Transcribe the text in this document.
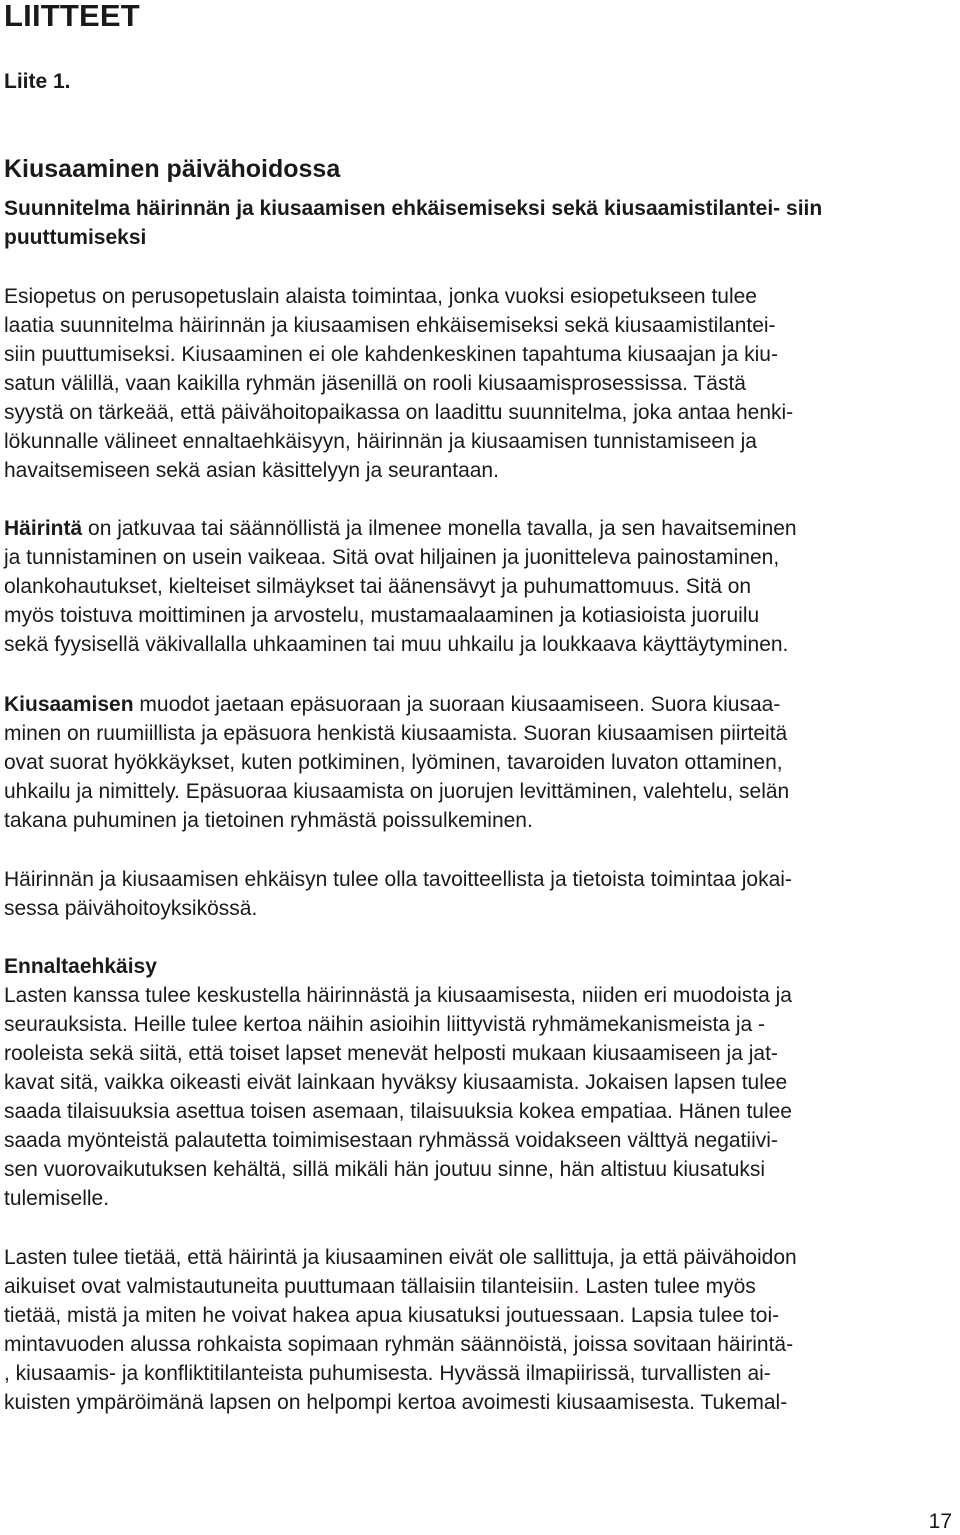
LIITTEET
Liite 1.
Kiusaaminen päivähoidossa
Suunnitelma häirinnän ja kiusaamisen ehkäisemiseksi sekä kiusaamistilantei- siin puuttumiseksi
Esiopetus on perusopetuslain alaista toimintaa, jonka vuoksi esiopetukseen tulee
laatia suunnitelma häirinnän ja kiusaamisen ehkäisemiseksi sekä kiusaamistilantei-
siin puuttumiseksi. Kiusaaminen ei ole kahdenkeskinen tapahtuma kiusaajan ja kiu-
satun välillä, vaan kaikilla ryhmän jäsenillä on rooli kiusaamisprosessissa. Tästä
syystä on tärkeää, että päivähoitopaikassa on laadittu suunnitelma, joka antaa henki-
lökunnalle välineet ennaltaehkäisyyn, häirinnän ja kiusaamisen tunnistamiseen ja
havaitsemiseen sekä asian käsittelyyn ja seurantaan.
Häirintä on jatkuvaa tai säännöllistä ja ilmenee monella tavalla, ja sen havaitseminen
ja tunnistaminen on usein vaikeaa. Sitä ovat hiljainen ja juonitteleva painostaminen,
olankohautukset, kielteiset silmäykset tai äänensävyt ja puhumattomuus. Sitä on
myös toistuva moittiminen ja arvostelu, mustamaalaaminen ja kotiasioista juoruilu
sekä fyysisellä väkivallalla uhkaaminen tai muu uhkailu ja loukkaava käyttäytyminen.
Kiusaamisen muodot jaetaan epäsuoraan ja suoraan kiusaamiseen. Suora kiusaa-
minen on ruumiillista ja epäsuora henkistä kiusaamista. Suoran kiusaamisen piirteitä
ovat suorat hyökkäykset, kuten potkiminen, lyöminen, tavaroiden luvaton ottaminen,
uhkailu ja nimittely. Epäsuoraa kiusaamista on juorujen levittäminen, valehtelu, selän
takana puhuminen ja tietoinen ryhmästä poissulkeminen.
Häirinnän ja kiusaamisen ehkäisyn tulee olla tavoitteellista ja tietoista toimintaa jokai-
sessa päivähoitoyksikössä.
Ennaltaehkäisy
Lasten kanssa tulee keskustella häirinnästä ja kiusaamisesta, niiden eri muodoista ja
seurauksista. Heille tulee kertoa näihin asioihin liittyvistä ryhmämekanismeista ja -
rooleista sekä siitä, että toiset lapset menevät helposti mukaan kiusaamiseen ja jat-
kavat sitä, vaikka oikeasti eivät lainkaan hyväksy kiusaamista. Jokaisen lapsen tulee
saada tilaisuuksia asettua toisen asemaan, tilaisuuksia kokea empatiaa. Hänen tulee
saada myönteistä palautetta toimimisestaan ryhmässä voidakseen välttyä negatiivi-
sen vuorovaikutuksen kehältä, sillä mikäli hän joutuu sinne, hän altistuu kiusatuksi
tulemiselle.
Lasten tulee tietää, että häirintä ja kiusaaminen eivät ole sallittuja, ja että päivähoidon
aikuiset ovat valmistautuneita puuttumaan tällaisiin tilanteisiin. Lasten tulee myös
tietää, mistä ja miten he voivat hakea apua kiusatuksi joutuessaan. Lapsia tulee toi-
mintavuoden alussa rohkaista sopimaan ryhmän säännöistä, joissa sovitaan häirintä-
, kiusaamis- ja konfliktitilanteista puhumisesta. Hyvässä ilmapiirissä, turvallisten ai-
kuisten ympäröimänä lapsen on helpompi kertoa avoimesti kiusaamisesta. Tukemal-
17
